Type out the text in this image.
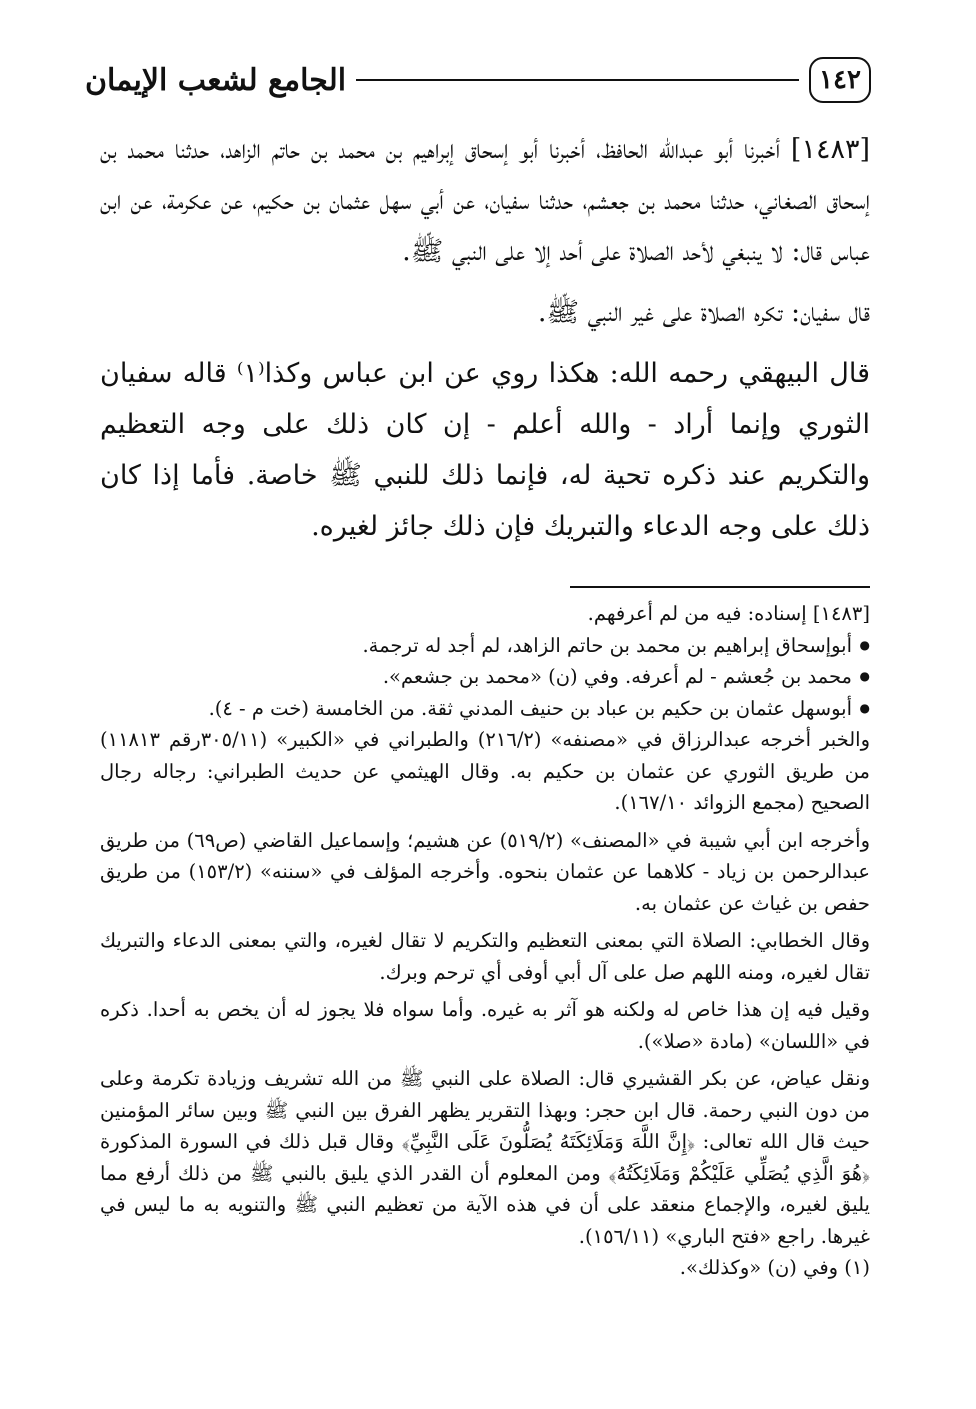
١٤٢
الجامع لشعب الإيمان

[١٤٨٣] أخبرنا أبو عبدالله الحافظ، أخبرنا أبو إسحاق إبراهيم بن محمد بن حاتم الزاهد، حدثنا محمد بن إسحاق الصغاني، حدثنا محمد بن جعشم، حدثنا سفيان، عن أبي سهل عثمان بن حكيم، عن عكرمة، عن ابن عباس قال: لا ينبغي لأحد الصلاة على أحد إلا على النبي ﷺ.

قال سفيان: تكره الصلاة على غير النبي ﷺ.

قال البيهقي رحمه الله: هكذا روي عن ابن عباس وكذا⁽١⁾ قاله سفيان الثوري وإنما أراد - والله أعلم - إن كان ذلك على وجه التعظيم والتكريم عند ذكره تحية له، فإنما ذلك للنبي ﷺ خاصة. فأما إذا كان ذلك على وجه الدعاء والتبريك فإن ذلك جائز لغيره.

[١٤٨٣] إسناده: فيه من لم أعرفهم.

● أبوإسحاق إبراهيم بن محمد بن حاتم الزاهد، لم أجد له ترجمة.
● محمد بن جُعشم - لم أعرفه. وفي (ن) «محمد بن جشعم».
● أبوسهل عثمان بن حكيم بن عباد بن حنيف المدني ثقة. من الخامسة (خت م - ٤).

والخبر أخرجه عبدالرزاق في «مصنفه» (٢١٦/٢) والطبراني في «الكبير» (٣٠٥/١١رقم ١١٨١٣) من طريق الثوري عن عثمان بن حكيم به. وقال الهيثمي عن حديث الطبراني: رجاله رجال الصحيح (مجمع الزوائد ١٦٧/١٠).

وأخرجه ابن أبي شيبة في «المصنف» (٥١٩/٢) عن هشيم؛ وإسماعيل القاضي (ص٦٩) من طريق عبدالرحمن بن زياد - كلاهما عن عثمان بنحوه. وأخرجه المؤلف في «سننه» (١٥٣/٢) من طريق حفص بن غياث عن عثمان به.

وقال الخطابي: الصلاة التي بمعنى التعظيم والتكريم لا تقال لغيره، والتي بمعنى الدعاء والتبريك تقال لغيره، ومنه اللهم صل على آل أبي أوفى أي ترحم وبرك.

وقيل فيه إن هذا خاص له ولكنه هو آثر به غيره. وأما سواه فلا يجوز له أن يخص به أحدا. ذكره في «اللسان» (مادة «صلا»).

ونقل عياض، عن بكر القشيري قال: الصلاة على النبي ﷺ من الله تشريف وزيادة تكرمة وعلى من دون النبي رحمة. قال ابن حجر: وبهذا التقرير يظهر الفرق بين النبي ﷺ وبين سائر المؤمنين حيث قال الله تعالى: ﴿إِنَّ اللَّهَ وَمَلَائِكَتَهُ يُصَلُّونَ عَلَى النَّبِيِّ﴾ وقال قبل ذلك في السورة المذكورة ﴿هُوَ الَّذِي يُصَلِّي عَلَيْكُمْ وَمَلَائِكَتُهُ﴾ ومن المعلوم أن القدر الذي يليق بالنبي ﷺ من ذلك أرفع مما يليق لغيره، والإجماع منعقد على أن في هذه الآية من تعظيم النبي ﷺ والتنويه به ما ليس في غيرها. راجع «فتح الباري» (١٥٦/١١).

(١) وفي (ن) «وكذلك».
